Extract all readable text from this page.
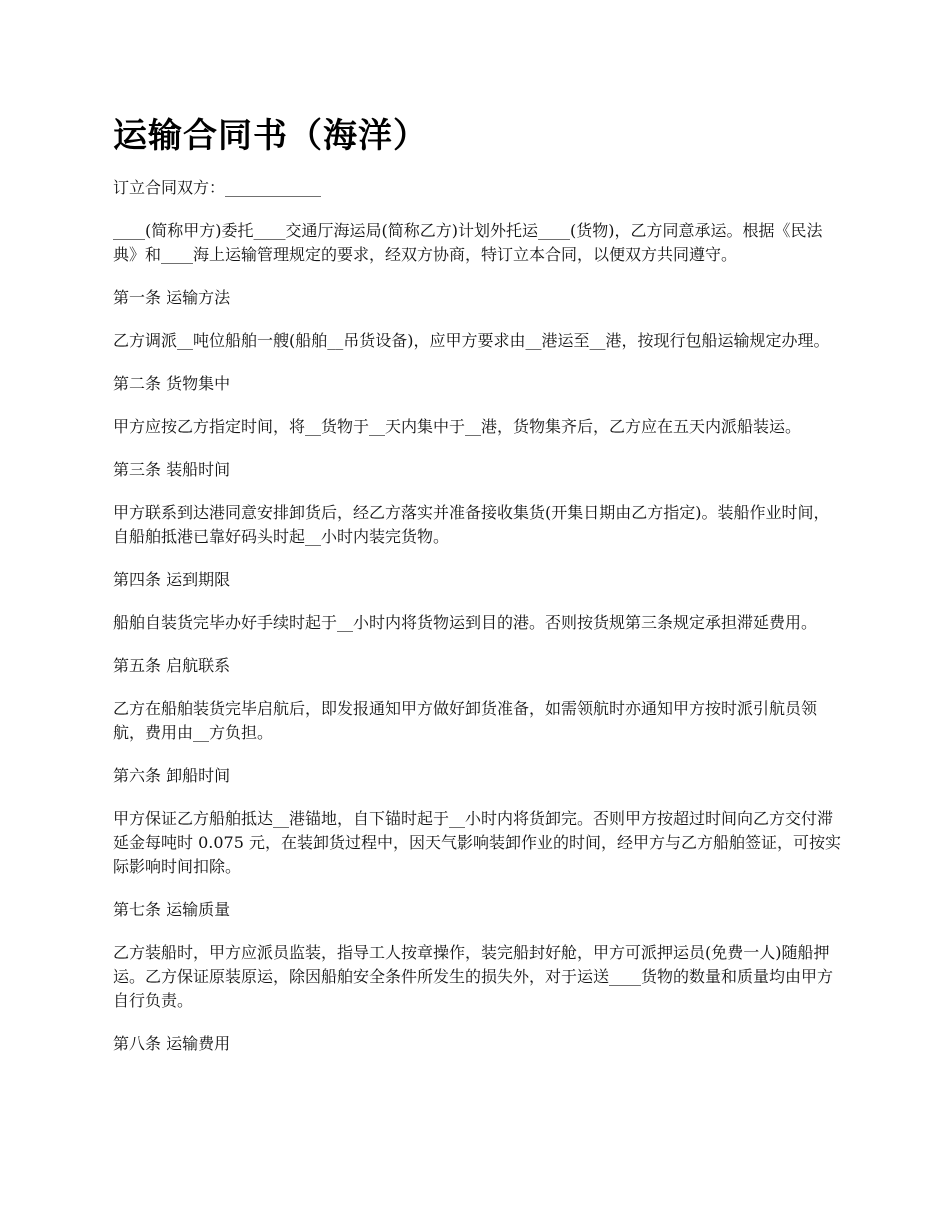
运输合同书（海洋）

订立合同双方：____________

____(简称甲方)委托____交通厅海运局(简称乙方)计划外托运____(货物)，乙方同意承运。根据《民法典》和____海上运输管理规定的要求，经双方协商，特订立本合同，以便双方共同遵守。

第一条 运输方法

乙方调派__吨位船舶一艘(船舶__吊货设备)，应甲方要求由__港运至__港，按现行包船运输规定办理。

第二条 货物集中

甲方应按乙方指定时间，将__货物于__天内集中于__港，货物集齐后，乙方应在五天内派船装运。

第三条 装船时间

甲方联系到达港同意安排卸货后，经乙方落实并准备接收集货(开集日期由乙方指定)。装船作业时间，自船舶抵港已靠好码头时起__小时内装完货物。

第四条 运到期限

船舶自装货完毕办好手续时起于__小时内将货物运到目的港。否则按货规第三条规定承担滞延费用。

第五条 启航联系

乙方在船舶装货完毕启航后，即发报通知甲方做好卸货准备，如需领航时亦通知甲方按时派引航员领航，费用由__方负担。

第六条 卸船时间

甲方保证乙方船舶抵达__港锚地，自下锚时起于__小时内将货卸完。否则甲方按超过时间向乙方交付滞延金每吨时 0.075 元，在装卸货过程中，因天气影响装卸作业的时间，经甲方与乙方船舶签证，可按实际影响时间扣除。

第七条 运输质量

乙方装船时，甲方应派员监装，指导工人按章操作，装完船封好舱，甲方可派押运员(免费一人)随船押运。乙方保证原装原运，除因船舶安全条件所发生的损失外，对于运送____货物的数量和质量均由甲方自行负责。

第八条 运输费用
